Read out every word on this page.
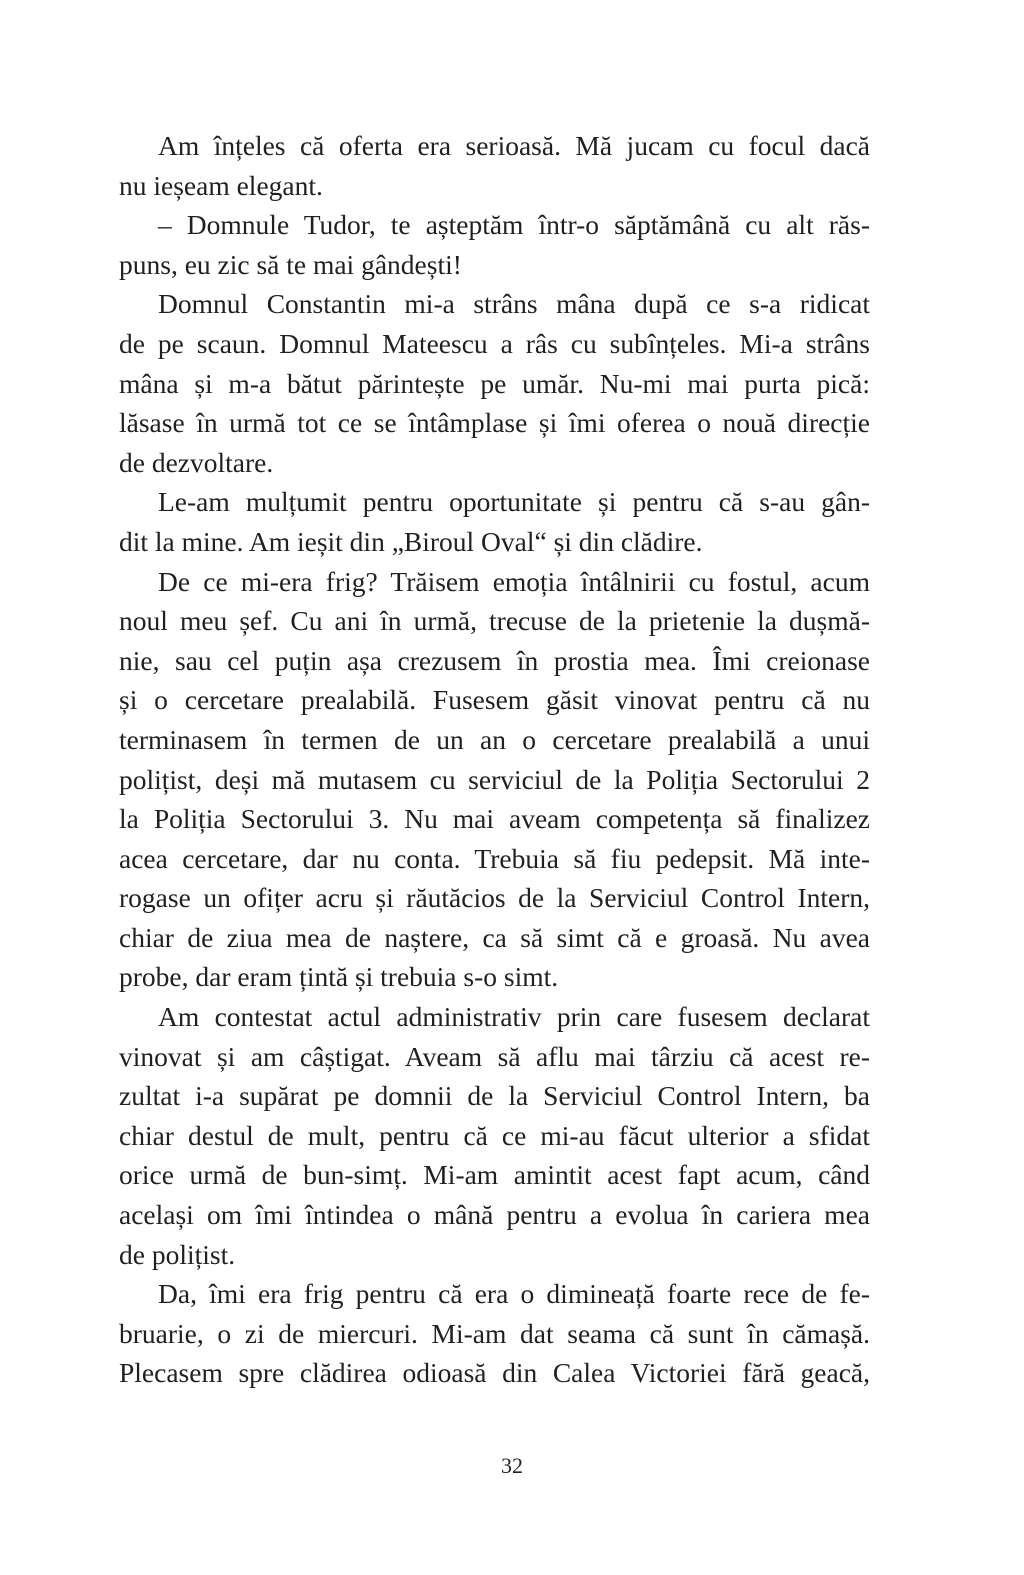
Am înțeles că oferta era serioasă. Mă jucam cu focul dacă
nu ieșeam elegant.
– Domnule Tudor, te așteptăm într-o săptămână cu alt răs-
puns, eu zic să te mai gândești!
Domnul Constantin mi-a strâns mâna după ce s-a ridicat
de pe scaun. Domnul Mateescu a râs cu subînțeles. Mi-a strâns
mâna și m-a bătut părintește pe umăr. Nu-mi mai purta pică:
lăsase în urmă tot ce se întâmplase și îmi oferea o nouă direcție
de dezvoltare.
Le-am mulțumit pentru oportunitate și pentru că s-au gân-
dit la mine. Am ieșit din „Biroul Oval“ și din clădire.
De ce mi-era frig? Trăisem emoția întâlnirii cu fostul, acum
noul meu șef. Cu ani în urmă, trecuse de la prietenie la dușmă-
nie, sau cel puțin așa crezusem în prostia mea. Îmi creionase
și o cercetare prealabilă. Fusesem găsit vinovat pentru că nu
terminasem în termen de un an o cercetare prealabilă a unui
polițist, deși mă mutasem cu serviciul de la Poliția Sectorului 2
la Poliția Sectorului 3. Nu mai aveam competența să finalizez
acea cercetare, dar nu conta. Trebuia să fiu pedepsit. Mă inte-
rogase un ofițer acru și răutăcios de la Serviciul Control Intern,
chiar de ziua mea de naștere, ca să simt că e groasă. Nu avea
probe, dar eram țintă și trebuia s-o simt.
Am contestat actul administrativ prin care fusesem declarat
vinovat și am câștigat. Aveam să aflu mai târziu că acest re-
zultat i-a supărat pe domnii de la Serviciul Control Intern, ba
chiar destul de mult, pentru că ce mi-au făcut ulterior a sfidat
orice urmă de bun-simț. Mi-am amintit acest fapt acum, când
același om îmi întindea o mână pentru a evolua în cariera mea
de polițist.
Da, îmi era frig pentru că era o dimineață foarte rece de fe-
bruarie, o zi de miercuri. Mi-am dat seama că sunt în cămașă.
Plecasem spre clădirea odioasă din Calea Victoriei fără geacă,
32
